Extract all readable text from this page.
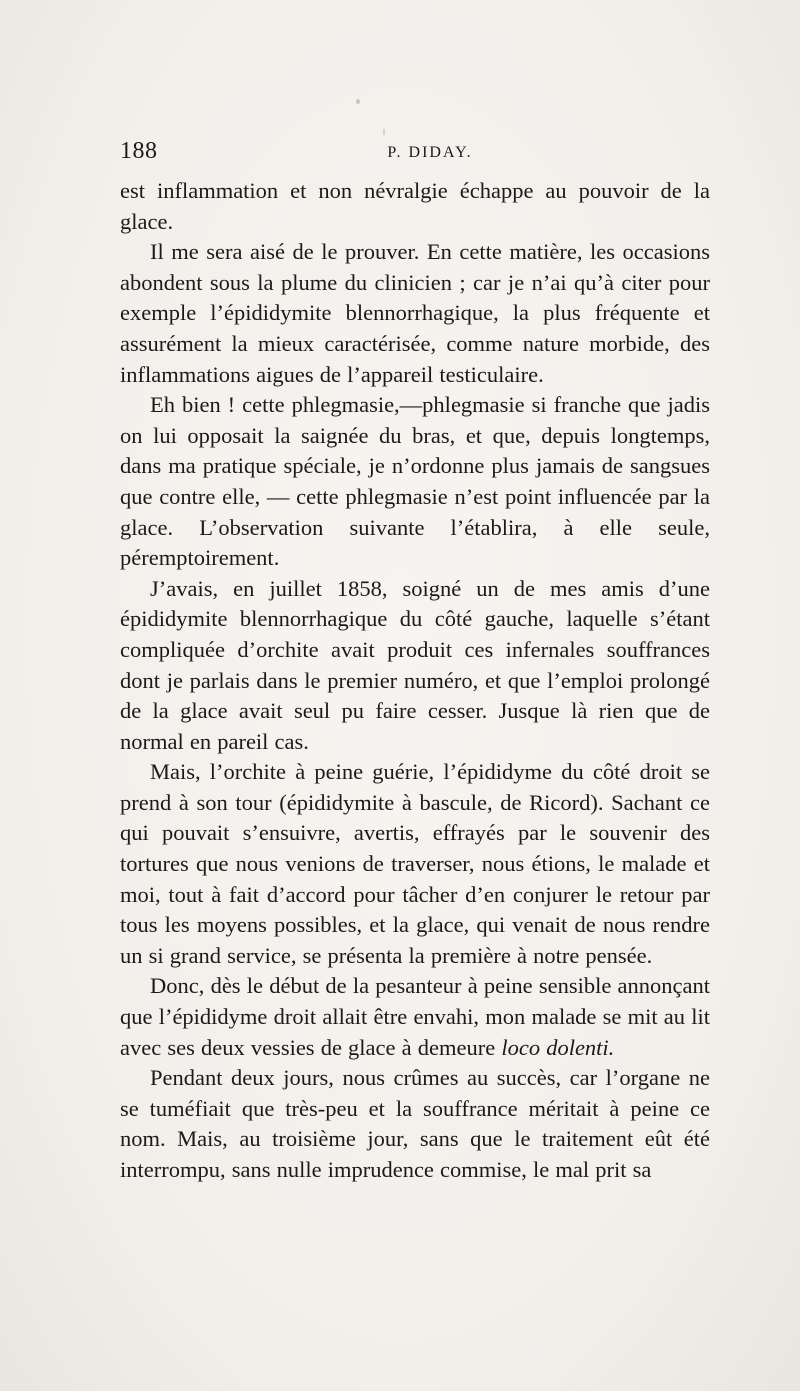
188	P. DIDAY.

est inflammation et non névralgie échappe au pouvoir de la glace.

Il me sera aisé de le prouver. En cette matière, les occasions abondent sous la plume du clinicien ; car je n’ai qu’à citer pour exemple l’épididymite blennorrhagique, la plus fréquente et assurément la mieux caractérisée, comme nature morbide, des inflammations aigues de l’appareil testiculaire.

Eh bien ! cette phlegmasie,—phlegmasie si franche que jadis on lui opposait la saignée du bras, et que, depuis longtemps, dans ma pratique spéciale, je n’ordonne plus jamais de sangsues que contre elle, — cette phlegmasie n’est point influencée par la glace. L’observation suivante l’établira, à elle seule, péremptoirement.

J’avais, en juillet 1858, soigné un de mes amis d’une épididymite blennorrhagique du côté gauche, laquelle s’étant compliquée d’orchite avait produit ces infernales souffrances dont je parlais dans le premier numéro, et que l’emploi prolongé de la glace avait seul pu faire cesser. Jusque là rien que de normal en pareil cas.

Mais, l’orchite à peine guérie, l’épididyme du côté droit se prend à son tour (épididymite à bascule, de Ricord). Sachant ce qui pouvait s’ensuivre, avertis, effrayés par le souvenir des tortures que nous venions de traverser, nous étions, le malade et moi, tout à fait d’accord pour tâcher d’en conjurer le retour par tous les moyens possibles, et la glace, qui venait de nous rendre un si grand service, se présenta la première à notre pensée.

Donc, dès le début de la pesanteur à peine sensible annonçant que l’épididyme droit allait être envahi, mon malade se mit au lit avec ses deux vessies de glace à demeure loco dolenti.

Pendant deux jours, nous crûmes au succès, car l’organe ne se tuméfiait que très-peu et la souffrance méritait à peine ce nom. Mais, au troisième jour, sans que le traitement eût été interrompu, sans nulle imprudence commise, le mal prit sa
